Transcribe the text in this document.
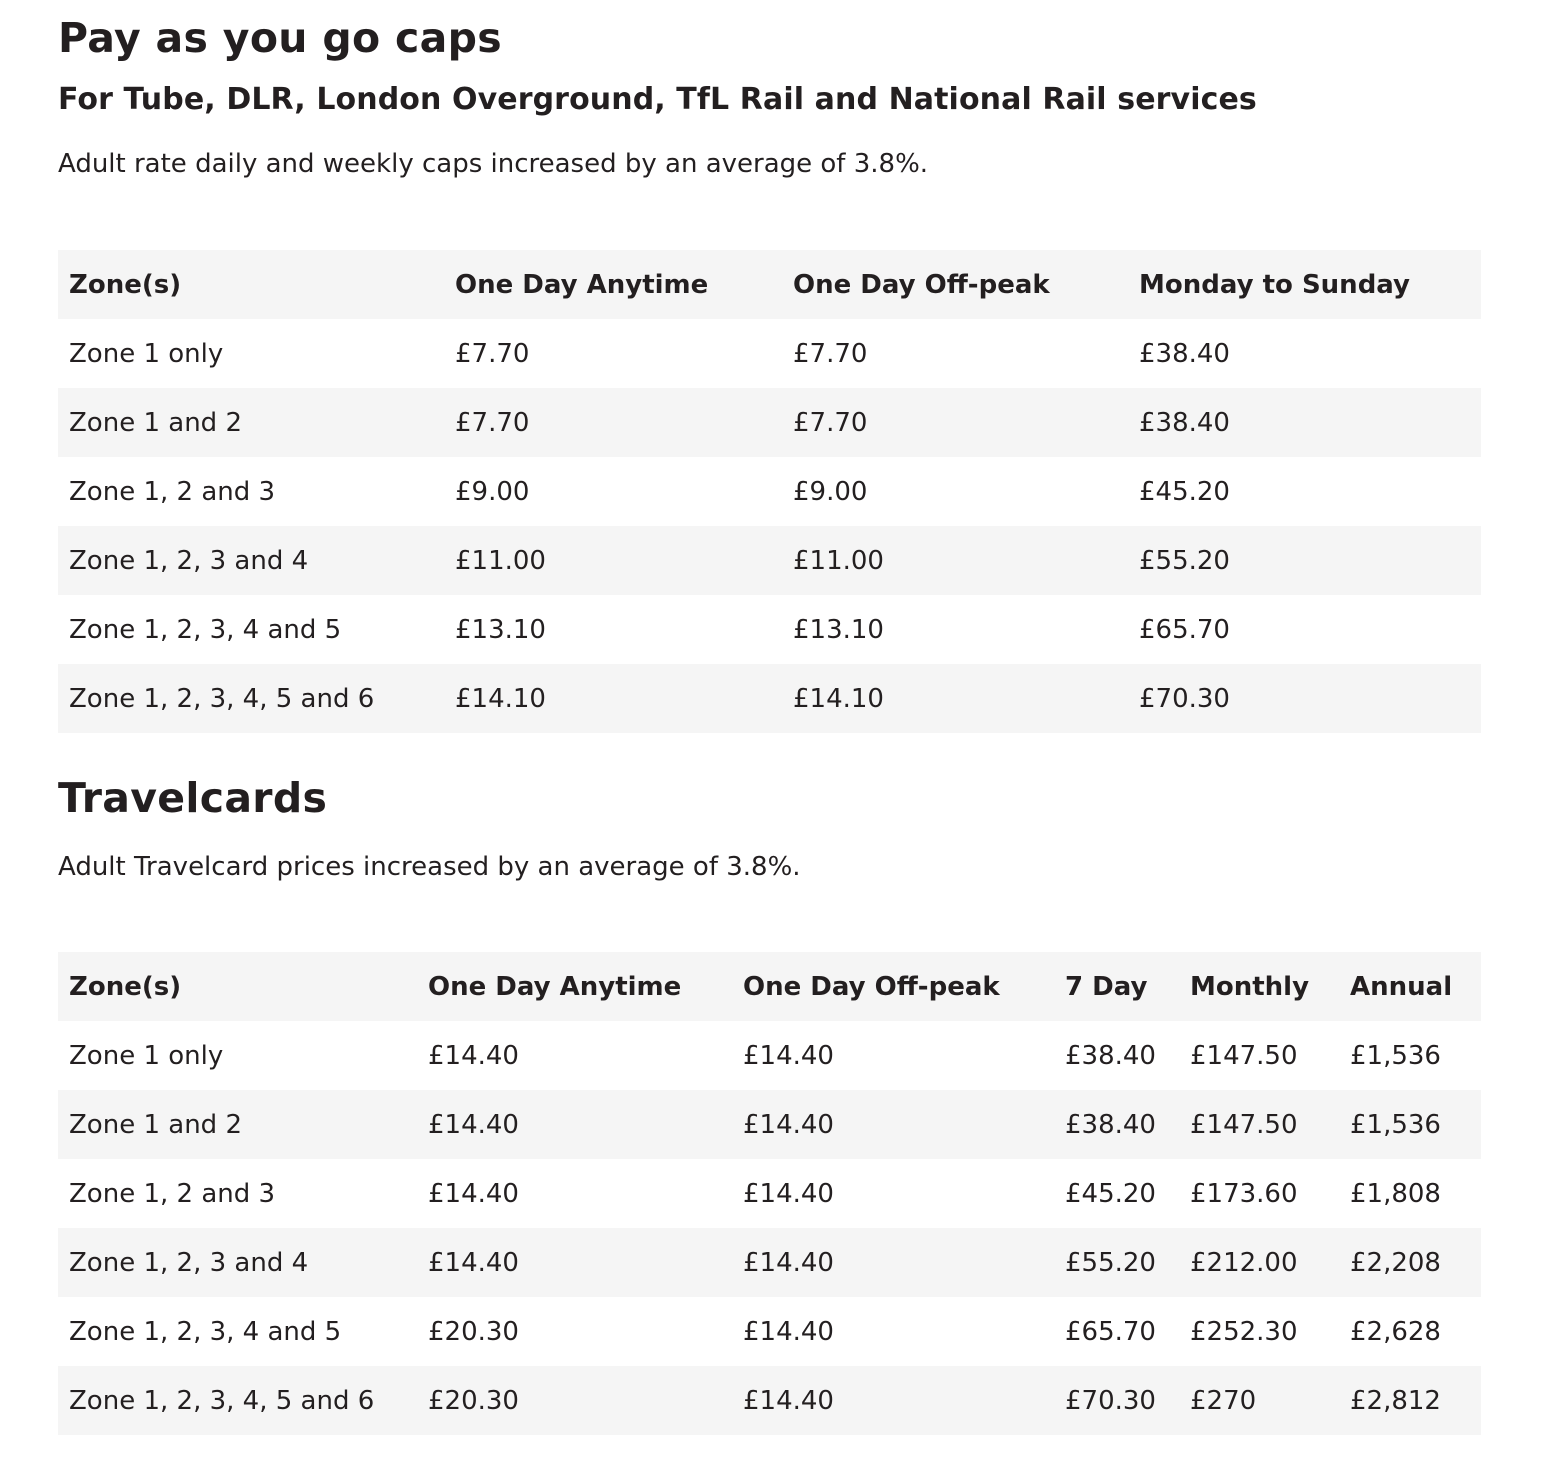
Pay as you go caps
For Tube, DLR, London Overground, TfL Rail and National Rail services

Adult rate daily and weekly caps increased by an average of 3.8%.

Zone(s)	One Day Anytime	One Day Off-peak	Monday to Sunday
Zone 1 only	£7.70	£7.70	£38.40
Zone 1 and 2	£7.70	£7.70	£38.40
Zone 1, 2 and 3	£9.00	£9.00	£45.20
Zone 1, 2, 3 and 4	£11.00	£11.00	£55.20
Zone 1, 2, 3, 4 and 5	£13.10	£13.10	£65.70
Zone 1, 2, 3, 4, 5 and 6	£14.10	£14.10	£70.30
Travelcards

Adult Travelcard prices increased by an average of 3.8%.

Zone(s)	One Day Anytime	One Day Off-peak	7 Day	Monthly	Annual
Zone 1 only	£14.40	£14.40	£38.40	£147.50	£1,536
Zone 1 and 2	£14.40	£14.40	£38.40	£147.50	£1,536
Zone 1, 2 and 3	£14.40	£14.40	£45.20	£173.60	£1,808
Zone 1, 2, 3 and 4	£14.40	£14.40	£55.20	£212.00	£2,208
Zone 1, 2, 3, 4 and 5	£20.30	£14.40	£65.70	£252.30	£2,628
Zone 1, 2, 3, 4, 5 and 6	£20.30	£14.40	£70.30	£270	£2,812
